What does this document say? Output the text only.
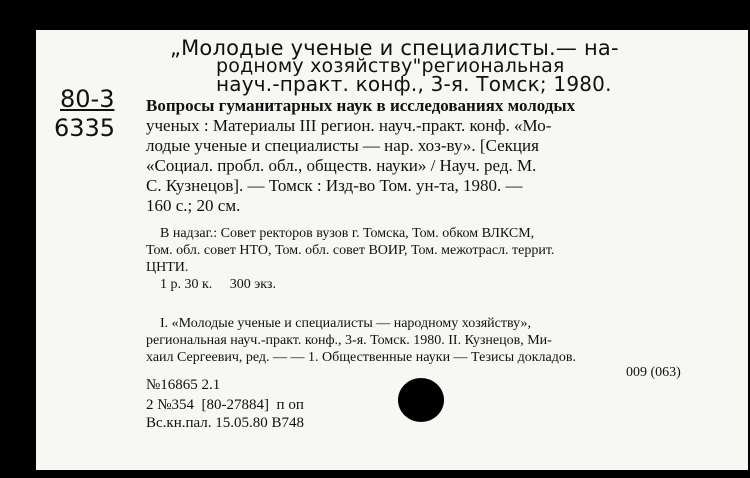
„Молодые ученые и специалисты.— на-
родному хозяйству"региональная
науч.-практ. конф., 3-я. Томск; 1980.
80-3
6335
Вопросы гуманитарных наук в исследованиях молодых
ученых : Материалы III регион. науч.-практ. конф. «Мо-
лодые ученые и специалисты — нар. хоз-ву». [Секция
«Социал. пробл. обл., обществ. науки» / Науч. ред. М.
С. Кузнецов]. — Томск : Изд-во Том. ун-та, 1980. —
160 с.; 20 см.
В надзаг.: Совет ректоров вузов г. Томска, Том. обком ВЛКСМ,
Том. обл. совет НТО, Том. обл. совет ВОИР, Том. межотрасл. террит.
ЦНТИ.
1 р. 30 к.     300 экз.
I. «Молодые ученые и специалисты — народному хозяйству»,
региональная науч.-практ. конф., 3-я. Томск. 1980. II. Кузнецов, Ми-
хаил Сергеевич, ред. — — 1. Общественные науки — Тезисы докладов.
009 (063)
№16865 2.1
2 №354  [80-27884]  п оп
Вс.кн.пал. 15.05.80 В748
